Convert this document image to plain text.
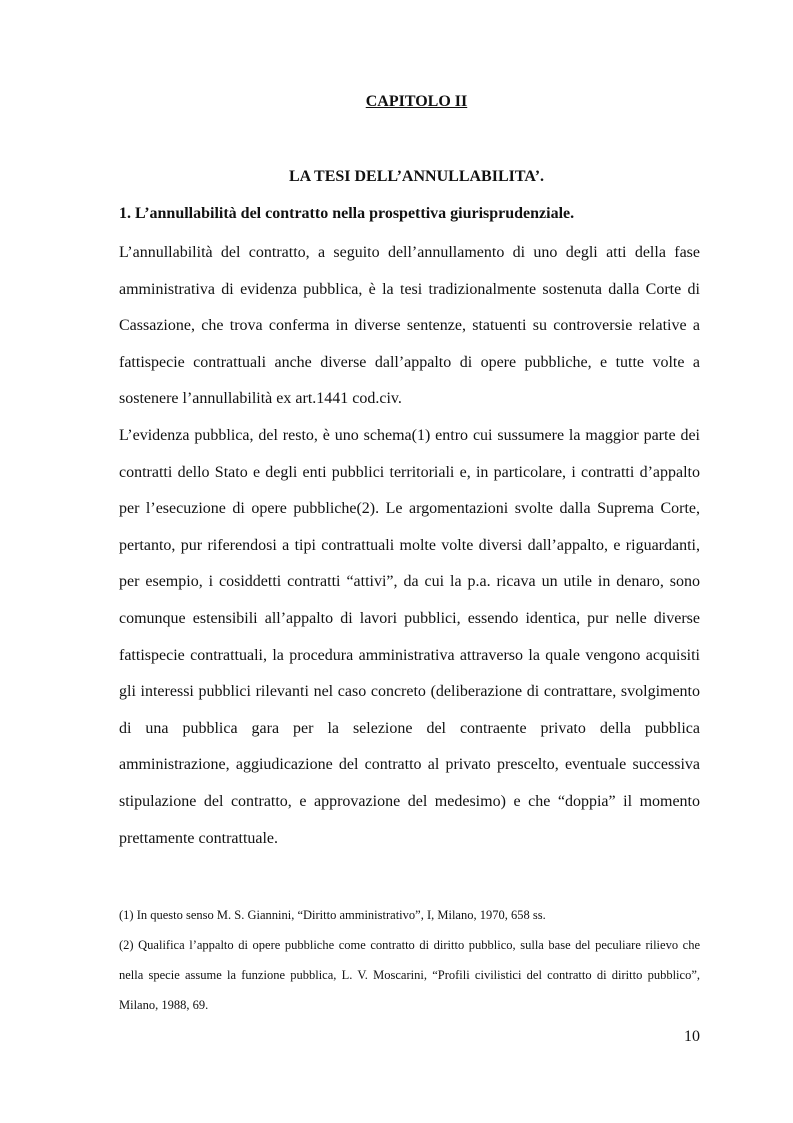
CAPITOLO II
LA TESI DELL’ANNULLABILITA’.
1. L’annullabilità del contratto nella prospettiva giurisprudenziale.

L’annullabilità del contratto, a seguito dell’annullamento di uno degli atti della fase amministrativa di evidenza pubblica, è la tesi tradizionalmente sostenuta dalla Corte di Cassazione, che trova conferma in diverse sentenze, statuenti su controversie relative a fattispecie contrattuali anche diverse dall’appalto di opere pubbliche, e tutte volte a sostenere l’annullabilità ex art.1441 cod.civ.

L’evidenza pubblica, del resto, è uno schema(1) entro cui sussumere la maggior parte dei contratti dello Stato e degli enti pubblici territoriali e, in particolare, i contratti d’appalto per l’esecuzione di opere pubbliche(2). Le argomentazioni svolte dalla Suprema Corte, pertanto, pur riferendosi a tipi contrattuali molte volte diversi dall’appalto, e riguardanti, per esempio, i cosiddetti contratti “attivi”, da cui la p.a. ricava un utile in denaro, sono comunque estensibili all’appalto di lavori pubblici, essendo identica, pur nelle diverse fattispecie contrattuali, la procedura amministrativa attraverso la quale vengono acquisiti gli interessi pubblici rilevanti nel caso concreto (deliberazione di contrattare, svolgimento di una pubblica gara per la selezione del contraente privato della pubblica amministrazione, aggiudicazione del contratto al privato prescelto, eventuale successiva stipulazione del contratto, e approvazione del medesimo) e che “doppia” il momento prettamente contrattuale.

(1) In questo senso M. S. Giannini, “Diritto amministrativo”, I, Milano, 1970, 658 ss.

(2) Qualifica l’appalto di opere pubbliche come contratto di diritto pubblico, sulla base del peculiare rilievo che nella specie assume la funzione pubblica, L. V. Moscarini, “Profili civilistici del contratto di diritto pubblico”, Milano, 1988, 69.

10
